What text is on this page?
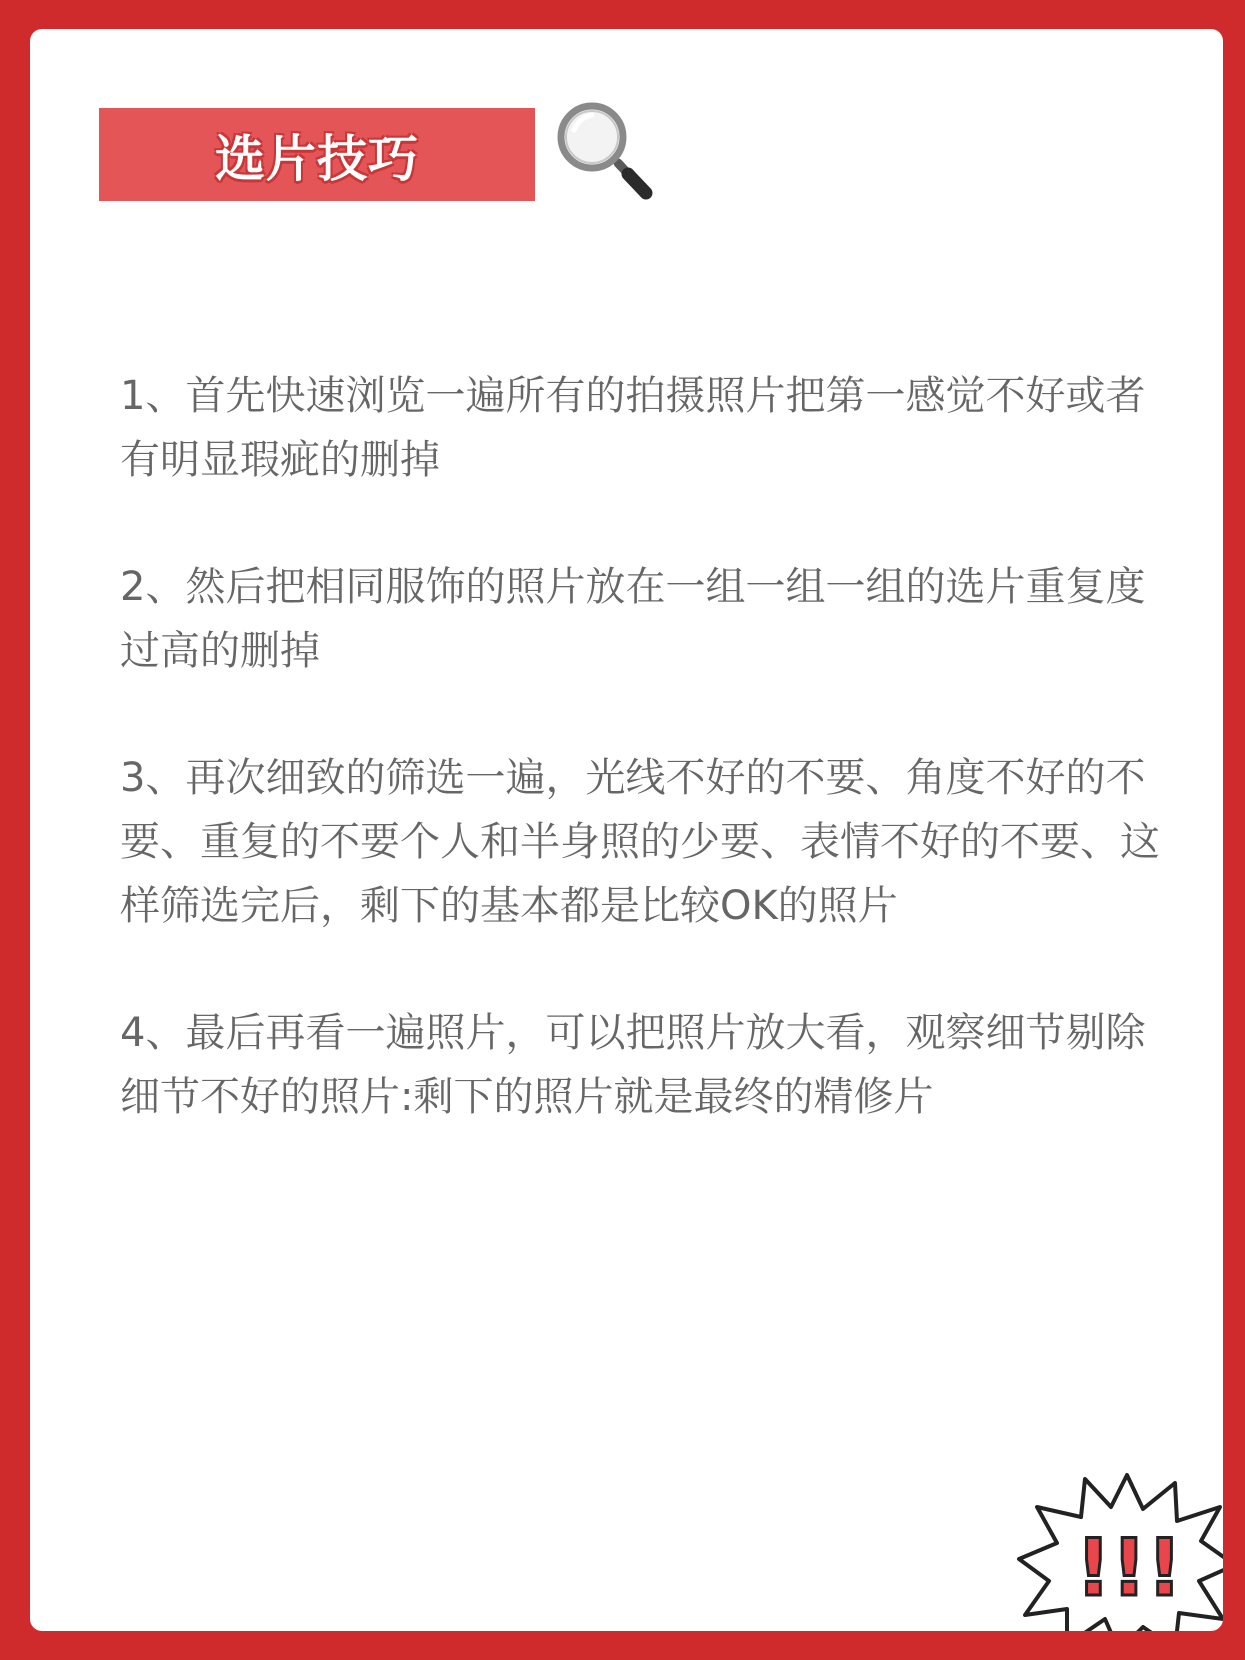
选片技巧

1、首先快速浏览一遍所有的拍摄照片把第一感觉不好或者有明显瑕疵的删掉

2、然后把相同服饰的照片放在一组一组一组的选片重复度过高的删掉

3、再次细致的筛选一遍，光线不好的不要、角度不好的不要、重复的不要个人和半身照的少要、表情不好的不要、这样筛选完后，剩下的基本都是比较OK的照片

4、最后再看一遍照片，可以把照片放大看，观察细节剔除细节不好的照片:剩下的照片就是最终的精修片

!!!
